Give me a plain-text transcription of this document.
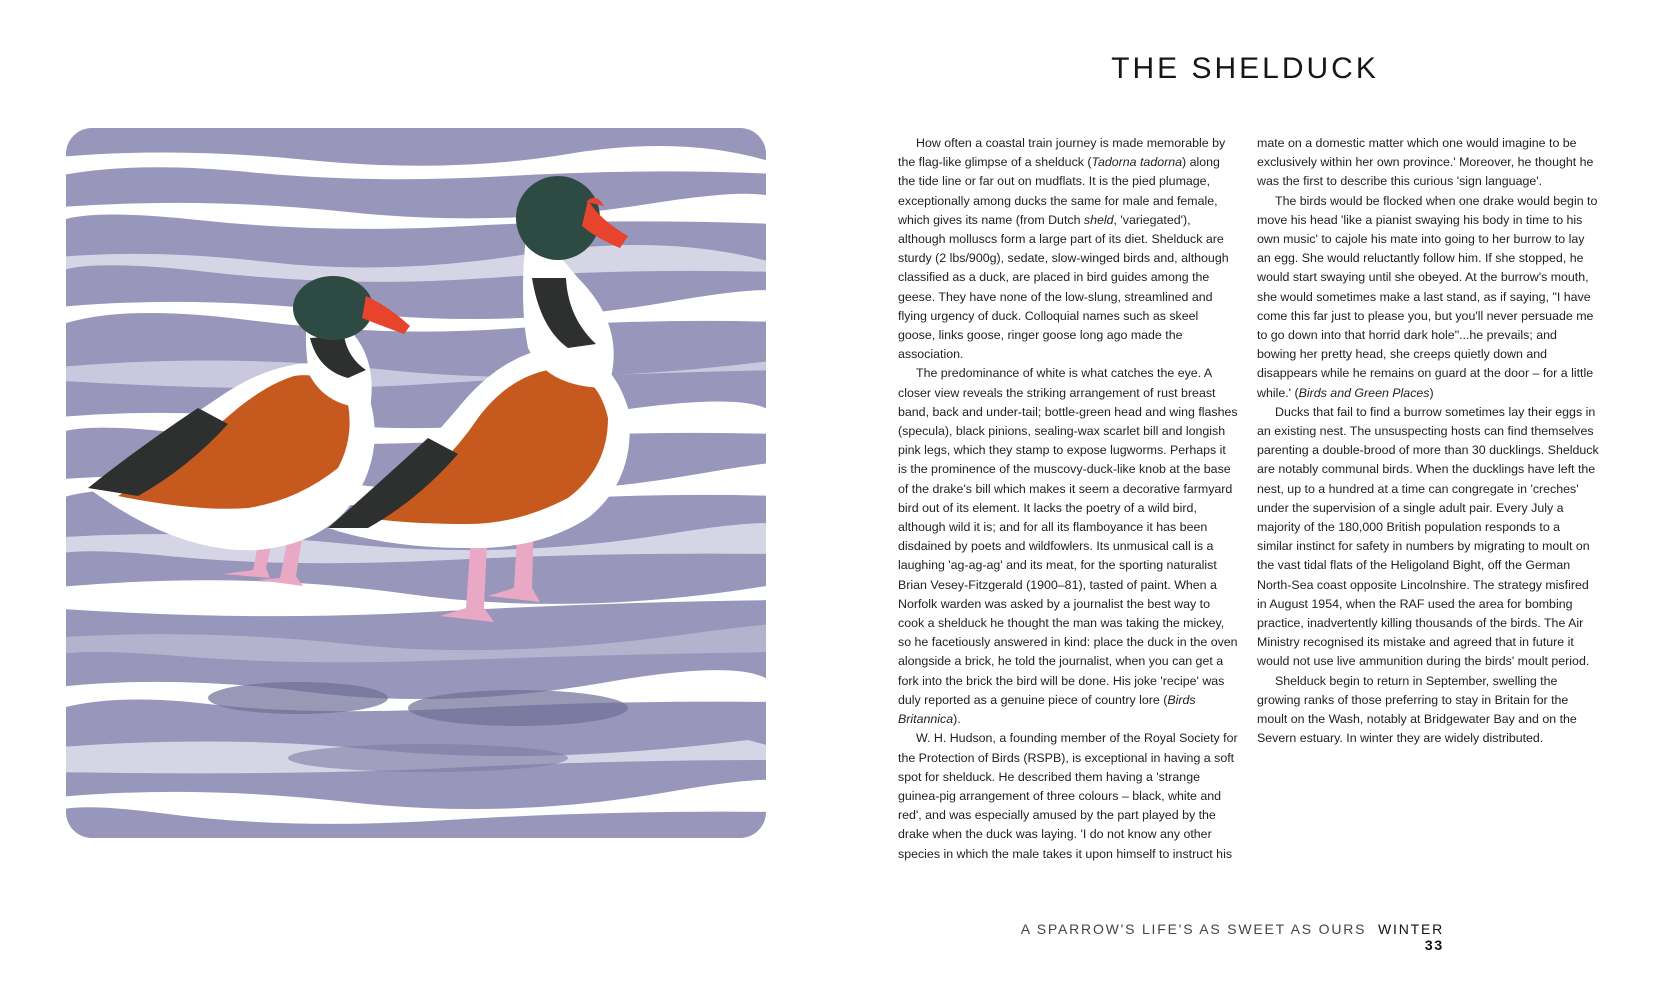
THE SHELDUCK

How often a coastal train journey is made memorable by the flag-like glimpse of a shelduck (Tadorna tadorna) along the tide line or far out on mudflats. It is the pied plumage, exceptionally among ducks the same for male and female, which gives its name (from Dutch sheld, 'variegated'), although molluscs form a large part of its diet. Shelduck are sturdy (2 lbs/900g), sedate, slow-winged birds and, although classified as a duck, are placed in bird guides among the geese. They have none of the low-slung, streamlined and flying urgency of duck. Colloquial names such as skeel goose, links goose, ringer goose long ago made the association.

The predominance of white is what catches the eye. A closer view reveals the striking arrangement of rust breast band, back and under-tail; bottle-green head and wing flashes (specula), black pinions, sealing-wax scarlet bill and longish pink legs, which they stamp to expose lugworms. Perhaps it is the prominence of the muscovy-duck-like knob at the base of the drake's bill which makes it seem a decorative farmyard bird out of its element. It lacks the poetry of a wild bird, although wild it is; and for all its flamboyance it has been disdained by poets and wildfowlers. Its unmusical call is a laughing 'ag-ag-ag' and its meat, for the sporting naturalist Brian Vesey-Fitzgerald (1900–81), tasted of paint. When a Norfolk warden was asked by a journalist the best way to cook a shelduck he thought the man was taking the mickey, so he facetiously answered in kind: place the duck in the oven alongside a brick, he told the journalist, when you can get a fork into the brick the bird will be done. His joke 'recipe' was duly reported as a genuine piece of country lore (Birds Britannica).

W. H. Hudson, a founding member of the Royal Society for the Protection of Birds (RSPB), is exceptional in having a soft spot for shelduck. He described them having a 'strange guinea-pig arrangement of three colours – black, white and red', and was especially amused by the part played by the drake when the duck was laying. 'I do not know any other species in which the male takes it upon himself to instruct his

mate on a domestic matter which one would imagine to be exclusively within her own province.' Moreover, he thought he was the first to describe this curious 'sign language'.

The birds would be flocked when one drake would begin to move his head 'like a pianist swaying his body in time to his own music' to cajole his mate into going to her burrow to lay an egg. She would reluctantly follow him. If she stopped, he would start swaying until she obeyed. At the burrow's mouth, she would sometimes make a last stand, as if saying, "I have come this far just to please you, but you'll never persuade me to go down into that horrid dark hole"...he prevails; and bowing her pretty head, she creeps quietly down and disappears while he remains on guard at the door – for a little while.' (Birds and Green Places)

Ducks that fail to find a burrow sometimes lay their eggs in an existing nest. The unsuspecting hosts can find themselves parenting a double-brood of more than 30 ducklings. Shelduck are notably communal birds. When the ducklings have left the nest, up to a hundred at a time can congregate in 'creches' under the supervision of a single adult pair. Every July a majority of the 180,000 British population responds to a similar instinct for safety in numbers by migrating to moult on the vast tidal flats of the Heligoland Bight, off the German North-Sea coast opposite Lincolnshire. The strategy misfired in August 1954, when the RAF used the area for bombing practice, inadvertently killing thousands of the birds. The Air Ministry recognised its mistake and agreed that in future it would not use live ammunition during the birds' moult period.

Shelduck begin to return in September, swelling the growing ranks of those preferring to stay in Britain for the moult on the Wash, notably at Bridgewater Bay and on the Severn estuary. In winter they are widely distributed.

A SPARROW'S LIFE'S AS SWEET AS OURS WINTER 33
